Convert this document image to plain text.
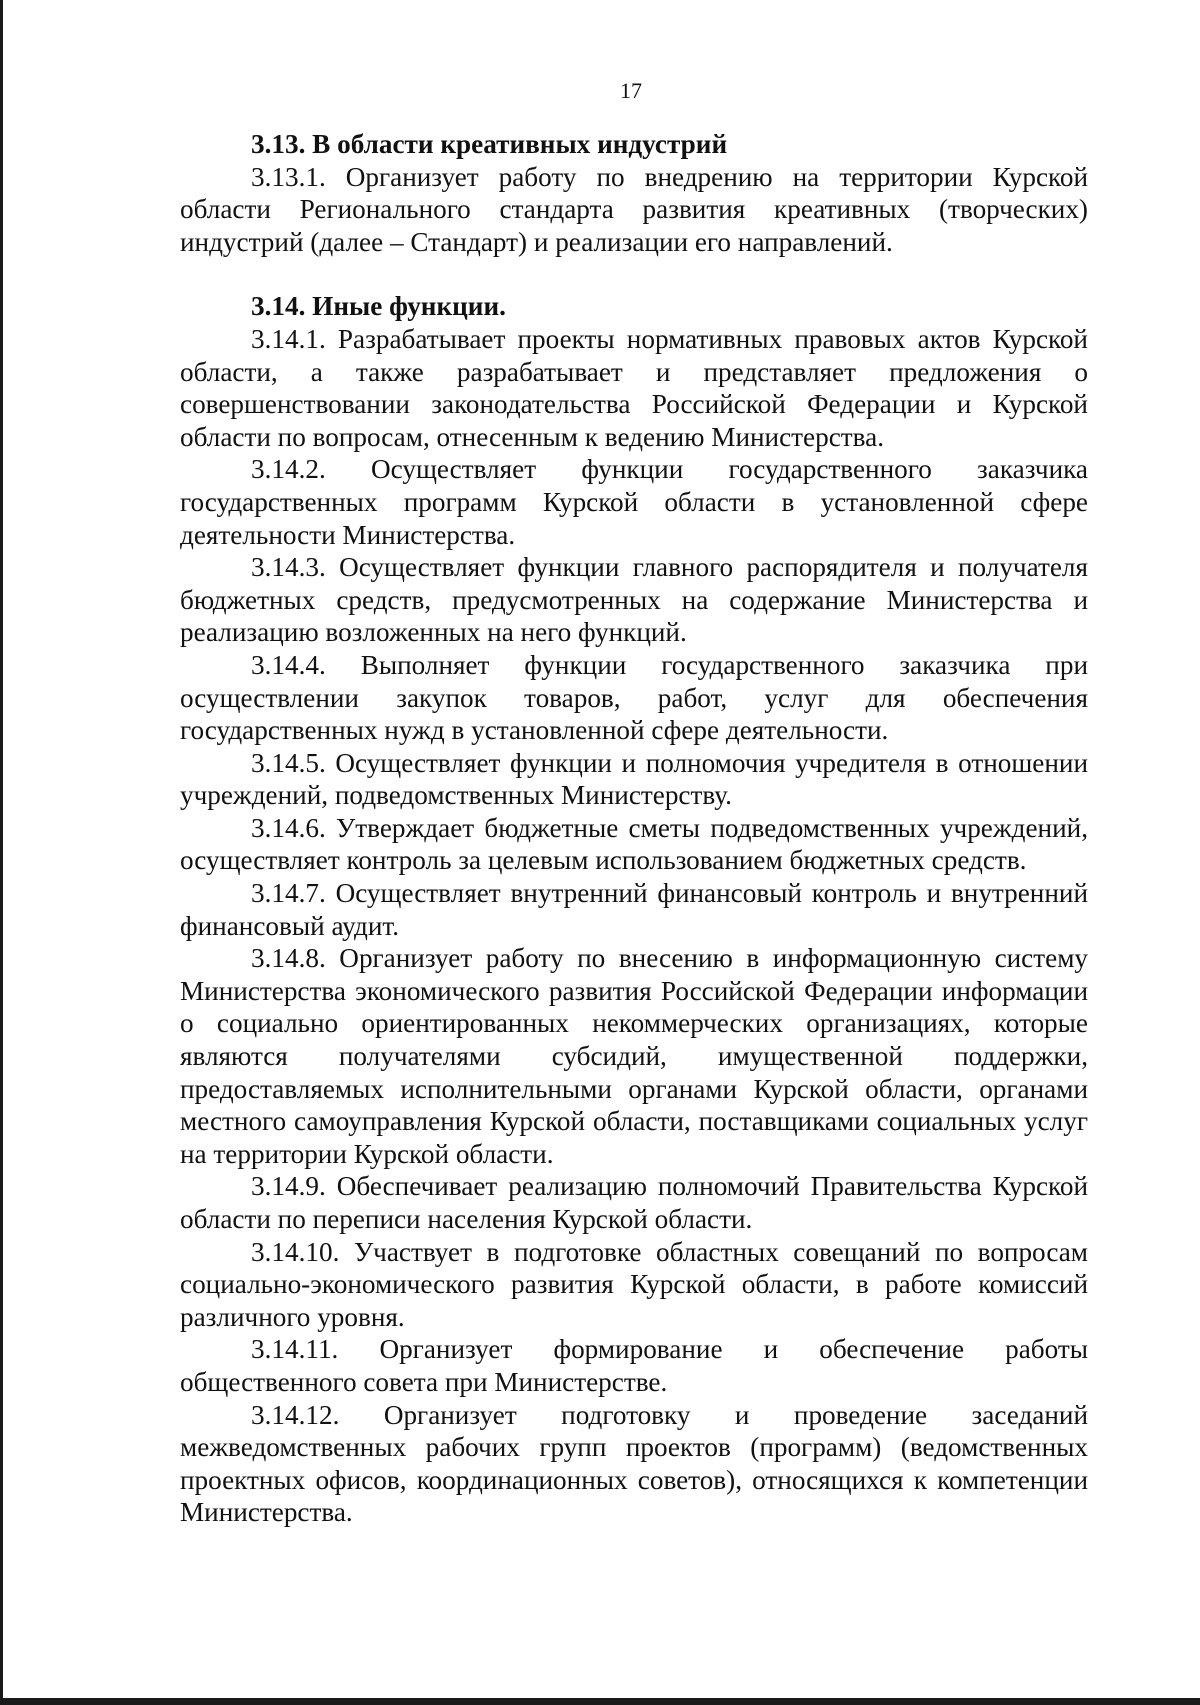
17

3.13. В области креативных индустрий

3.13.1. Организует работу по внедрению на территории Курской области Регионального стандарта развития креативных (творческих) индустрий (далее – Стандарт) и реализации его направлений.

3.14. Иные функции.

3.14.1. Разрабатывает проекты нормативных правовых актов Курской области, а также разрабатывает и представляет предложения о совершенствовании законодательства Российской Федерации и Курской области по вопросам, отнесенным к ведению Министерства.

3.14.2. Осуществляет функции государственного заказчика государственных программ Курской области в установленной сфере деятельности Министерства.

3.14.3. Осуществляет функции главного распорядителя и получателя бюджетных средств, предусмотренных на содержание Министерства и реализацию возложенных на него функций.

3.14.4. Выполняет функции государственного заказчика при осуществлении закупок товаров, работ, услуг для обеспечения государственных нужд в установленной сфере деятельности.

3.14.5. Осуществляет функции и полномочия учредителя в отношении учреждений, подведомственных Министерству.

3.14.6. Утверждает бюджетные сметы подведомственных учреждений, осуществляет контроль за целевым использованием бюджетных средств.

3.14.7. Осуществляет внутренний финансовый контроль и внутренний финансовый аудит.

3.14.8. Организует работу по внесению в информационную систему Министерства экономического развития Российской Федерации информации о социально ориентированных некоммерческих организациях, которые являются получателями субсидий, имущественной поддержки, предоставляемых исполнительными органами Курской области, органами местного самоуправления Курской области, поставщиками социальных услуг на территории Курской области.

3.14.9. Обеспечивает реализацию полномочий Правительства Курской области по переписи населения Курской области.

3.14.10. Участвует в подготовке областных совещаний по вопросам социально-экономического развития Курской области, в работе комиссий различного уровня.

3.14.11. Организует формирование и обеспечение работы общественного совета при Министерстве.

3.14.12. Организует подготовку и проведение заседаний межведомственных рабочих групп проектов (программ) (ведомственных проектных офисов, координационных советов), относящихся к компетенции Министерства.
